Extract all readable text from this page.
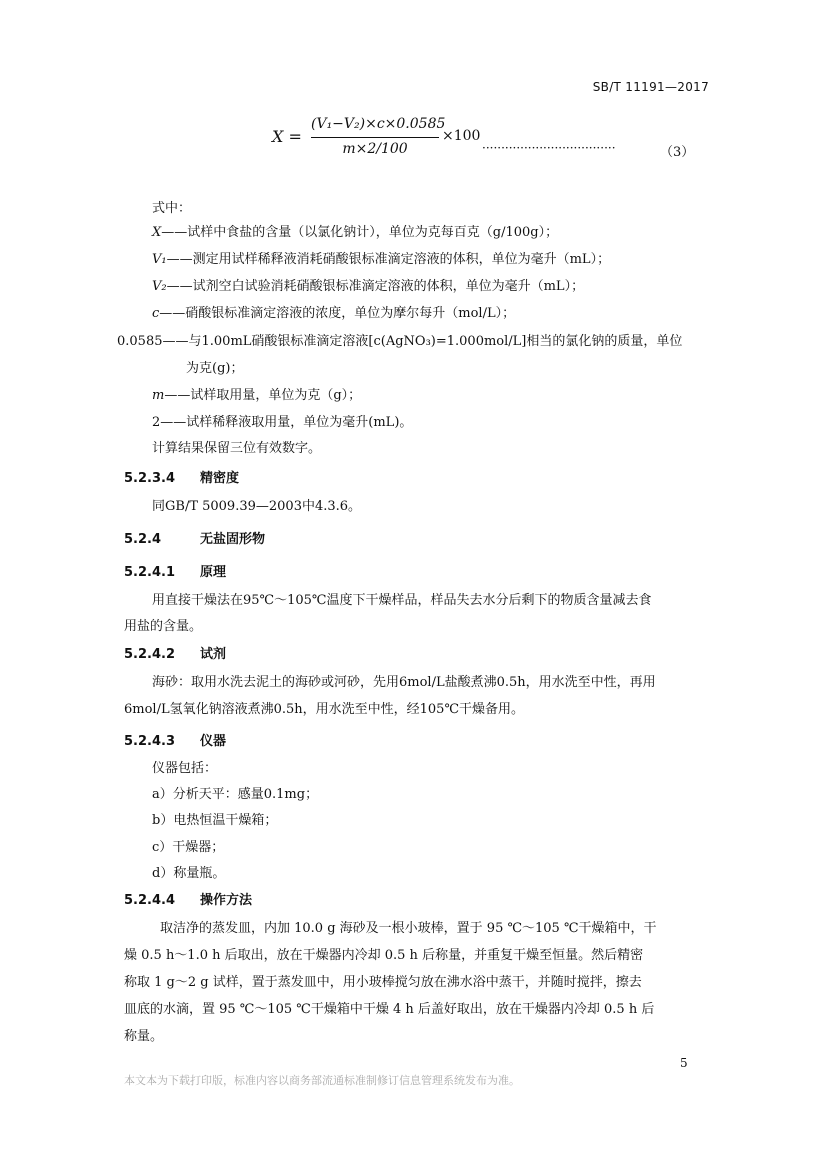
SB/T 11191—2017
X =
(V₁−V₂)×c×0.0585
m×2/100
×100
···································	（3）
式中：
X——试样中食盐的含量（以氯化钠计），单位为克每百克（g/100g）；
V₁——测定用试样稀释液消耗硝酸银标准滴定溶液的体积，单位为毫升（mL）；
V₂——试剂空白试验消耗硝酸银标准滴定溶液的体积，单位为毫升（mL）；
c——硝酸银标准滴定溶液的浓度，单位为摩尔每升（mol/L）；
0.0585——与1.00mL硝酸银标准滴定溶液[c(AgNO₃)=1.000mol/L]相当的氯化钠的质量，单位
为克(g)；
m——试样取用量，单位为克（g）；
2——试样稀释液取用量，单位为毫升(mL)。
计算结果保留三位有效数字。
5.2.3.4 精密度
同GB/T 5009.39—2003中4.3.6。
5.2.4	无盐固形物
5.2.4.1 原理
用直接干燥法在95℃～105℃温度下干燥样品，样品失去水分后剩下的物质含量减去食
用盐的含量。
5.2.4.2 试剂
海砂：取用水洗去泥土的海砂或河砂，先用6mol/L盐酸煮沸0.5h，用水洗至中性，再用
6mol/L氢氧化钠溶液煮沸0.5h，用水洗至中性，经105℃干燥备用。
5.2.4.3 仪器
仪器包括：
a）分析天平：感量0.1mg；
b）电热恒温干燥箱；
c）干燥器；
d）称量瓶。
5.2.4.4 操作方法
取洁净的蒸发皿，内加 10.0 g 海砂及一根小玻棒，置于 95 ℃～105 ℃干燥箱中，干
燥 0.5 h～1.0 h 后取出，放在干燥器内冷却 0.5 h 后称量，并重复干燥至恒量。然后精密
称取 1 g～2 g 试样，置于蒸发皿中，用小玻棒搅匀放在沸水浴中蒸干，并随时搅拌，擦去
皿底的水滴，置 95 ℃～105 ℃干燥箱中干燥 4 h 后盖好取出，放在干燥器内冷却 0.5 h 后
称量。
5
本文本为下载打印版，标准内容以商务部流通标准制修订信息管理系统发布为准。
